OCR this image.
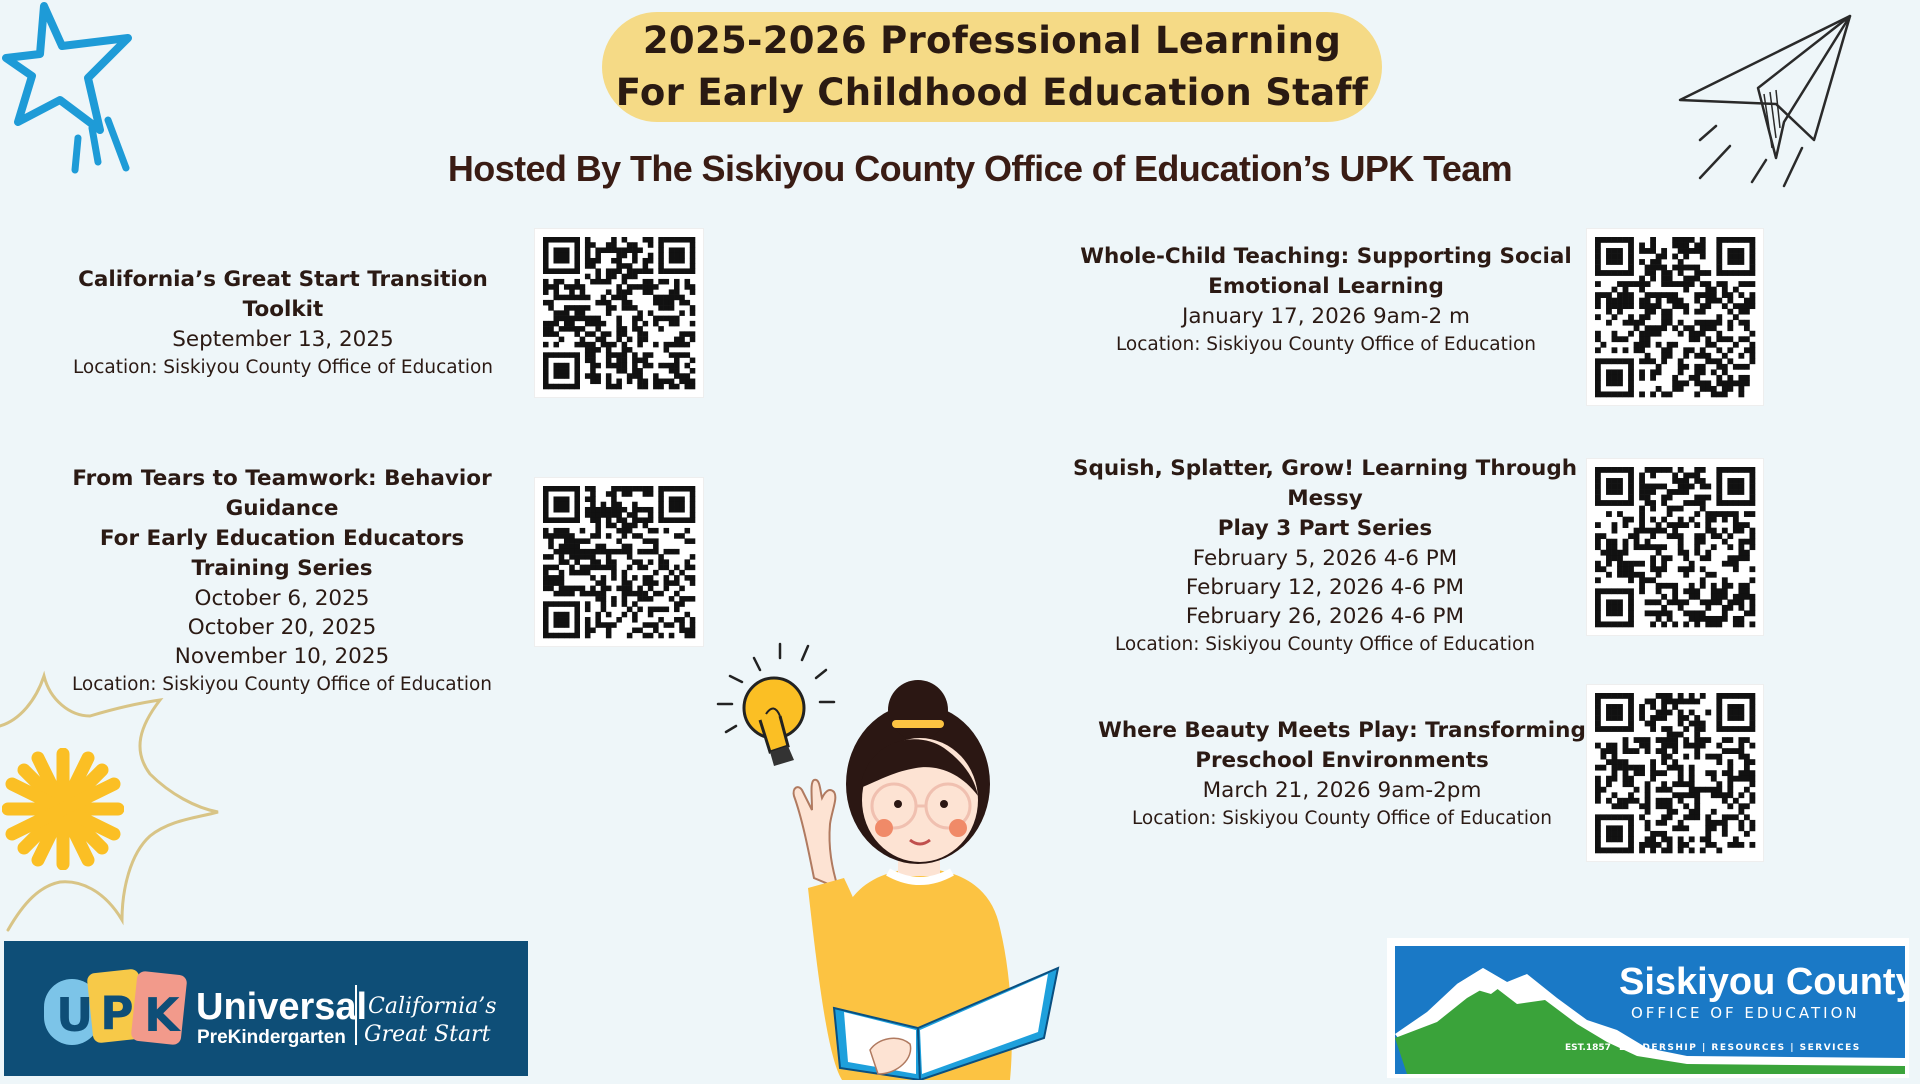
2025-2026 Professional Learning
For Early Childhood Education Staff
Hosted By The Siskiyou County Office of Education’s UPK Team
California’s Great Start Transition Toolkit
September 13, 2025
Location: Siskiyou County Office of Education
From Tears to Teamwork: Behavior Guidance
For Early Education Educators
Training Series
October 6, 2025
October 20, 2025
November 10, 2025
Location: Siskiyou County Office of Education
Whole-Child Teaching: Supporting Social
Emotional Learning
January 17, 2026 9am-2 m
Location: Siskiyou County Office of Education
Squish, Splatter, Grow! Learning Through Messy
Play 3 Part Series
February 5, 2026 4-6 PM
February 12, 2026 4-6 PM
February 26, 2026 4-6 PM
Location: Siskiyou County Office of Education
Where Beauty Meets Play: Transforming
Preschool Environments
March 21, 2026 9am-2pm
Location: Siskiyou County Office of Education
U P K Universal
PreKindergarten
California’s
Great Start
Siskiyou County
OFFICE OF EDUCATION
EST.1857 LEADERSHIP | RESOURCES | SERVICES
